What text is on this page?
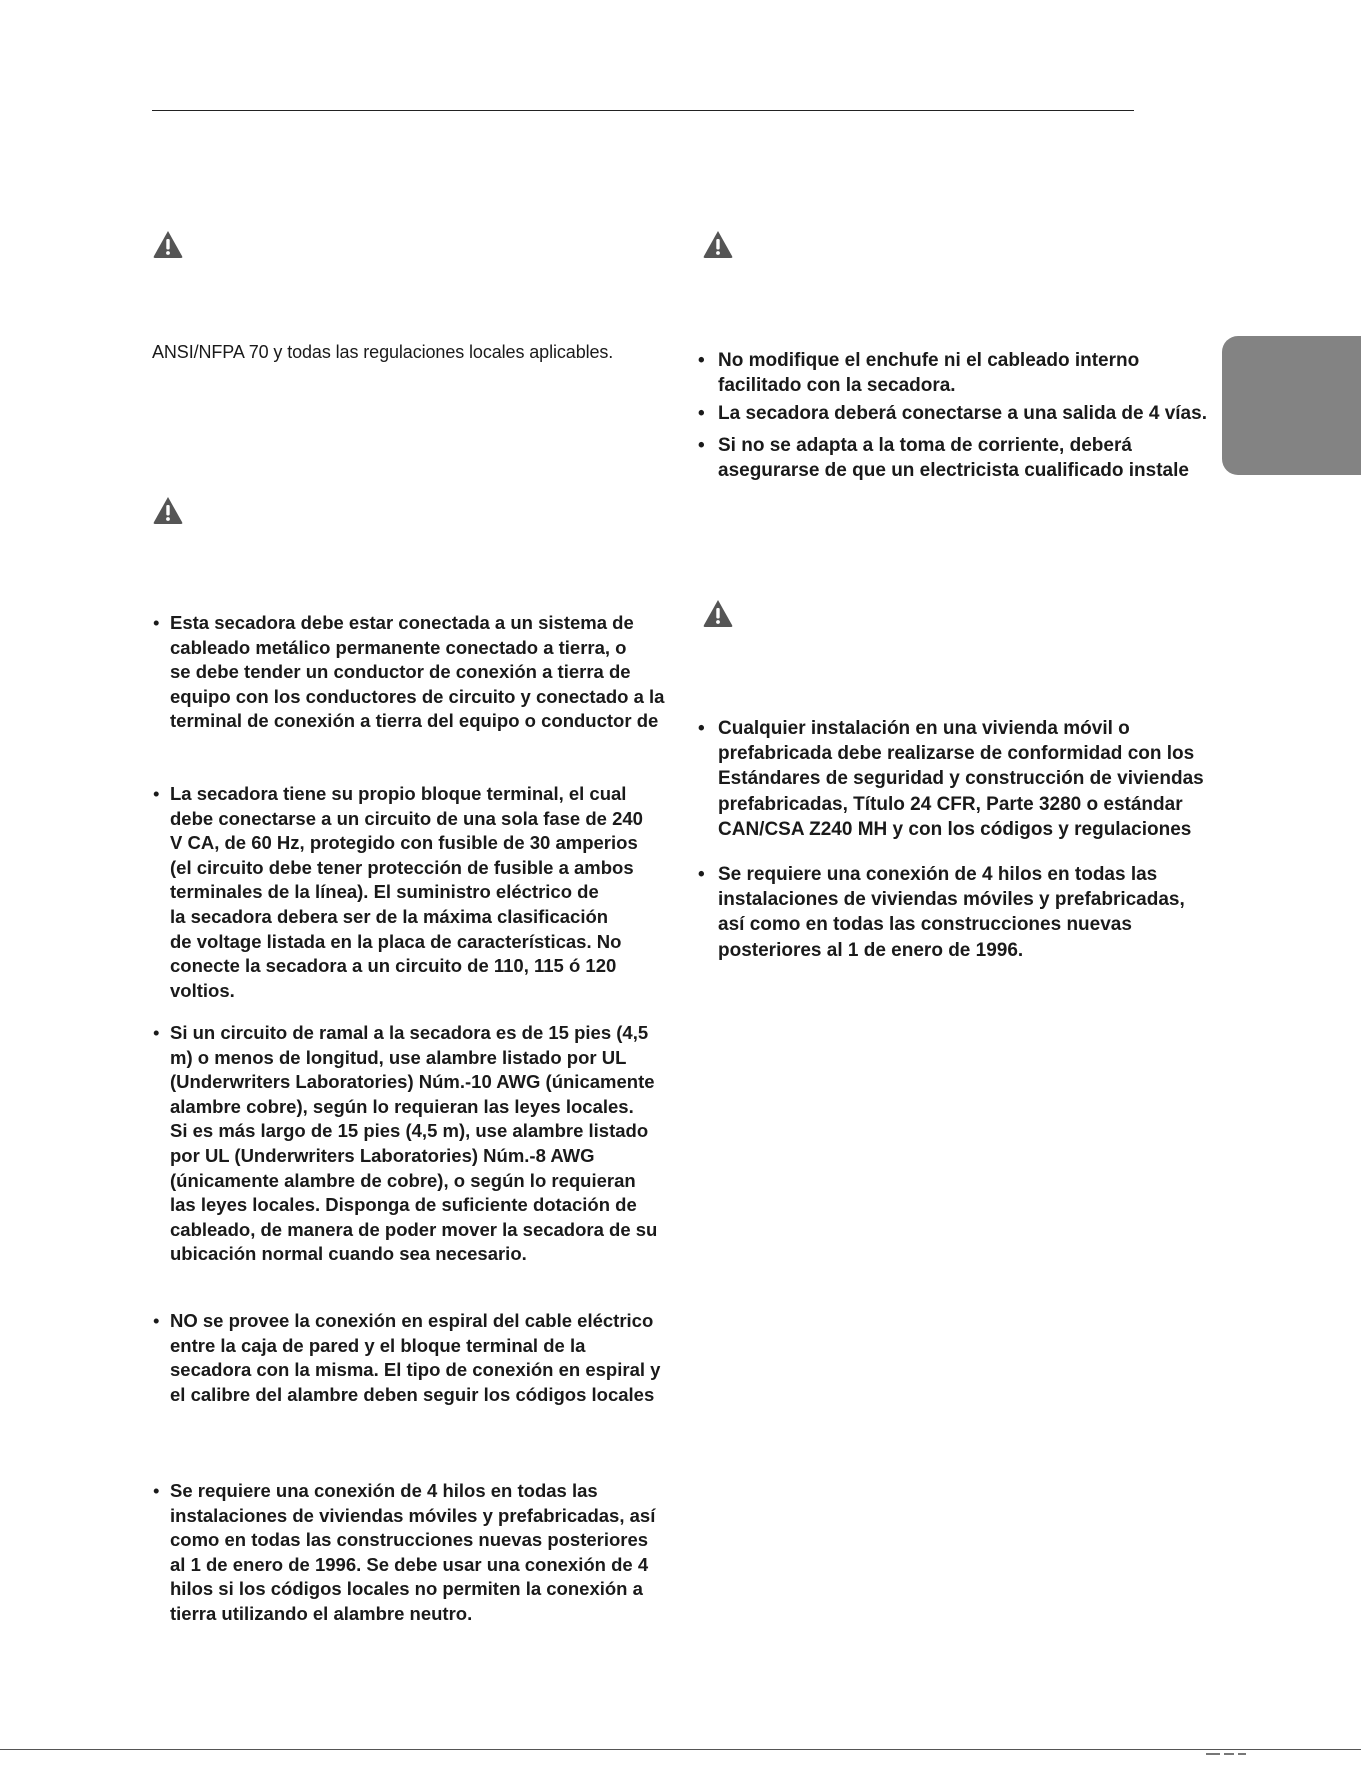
ANSI/NFPA 70 y todas las regulaciones locales aplicables.
• Esta secadora debe estar conectada a un sistema de
cableado metálico permanente conectado a tierra, o
se debe tender un conductor de conexión a tierra de
equipo con los conductores de circuito y conectado a la
terminal de conexión a tierra del equipo o conductor de
• La secadora tiene su propio bloque terminal, el cual
debe conectarse a un circuito de una sola fase de 240
V CA, de 60 Hz, protegido con fusible de 30 amperios
(el circuito debe tener protección de fusible a ambos
terminales de la línea). El suministro eléctrico de
la secadora debera ser de la máxima clasificación
de voltage listada en la placa de características. No
conecte la secadora a un circuito de 110, 115 ó 120
voltios.
• Si un circuito de ramal a la secadora es de 15 pies (4,5
m) o menos de longitud, use alambre listado por UL
(Underwriters Laboratories) Núm.-10 AWG (únicamente
alambre cobre), según lo requieran las leyes locales.
Si es más largo de 15 pies (4,5 m), use alambre listado
por UL (Underwriters Laboratories) Núm.-8 AWG
(únicamente alambre de cobre), o según lo requieran
las leyes locales. Disponga de suficiente dotación de
cableado, de manera de poder mover la secadora de su
ubicación normal cuando sea necesario.
• NO se provee la conexión en espiral del cable eléctrico
entre la caja de pared y el bloque terminal de la
secadora con la misma. El tipo de conexión en espiral y
el calibre del alambre deben seguir los códigos locales
• Se requiere una conexión de 4 hilos en todas las
instalaciones de viviendas móviles y prefabricadas, así
como en todas las construcciones nuevas posteriores
al 1 de enero de 1996. Se debe usar una conexión de 4
hilos si los códigos locales no permiten la conexión a
tierra utilizando el alambre neutro.
• No modifique el enchufe ni el cableado interno
facilitado con la secadora.
• La secadora deberá conectarse a una salida de 4 vías.
• Si no se adapta a la toma de corriente, deberá
asegurarse de que un electricista cualificado instale
• Cualquier instalación en una vivienda móvil o
prefabricada debe realizarse de conformidad con los
Estándares de seguridad y construcción de viviendas
prefabricadas, Título 24 CFR, Parte 3280 o estándar
CAN/CSA Z240 MH y con los códigos y regulaciones
• Se requiere una conexión de 4 hilos en todas las
instalaciones de viviendas móviles y prefabricadas,
así como en todas las construcciones nuevas
posteriores al 1 de enero de 1996.
